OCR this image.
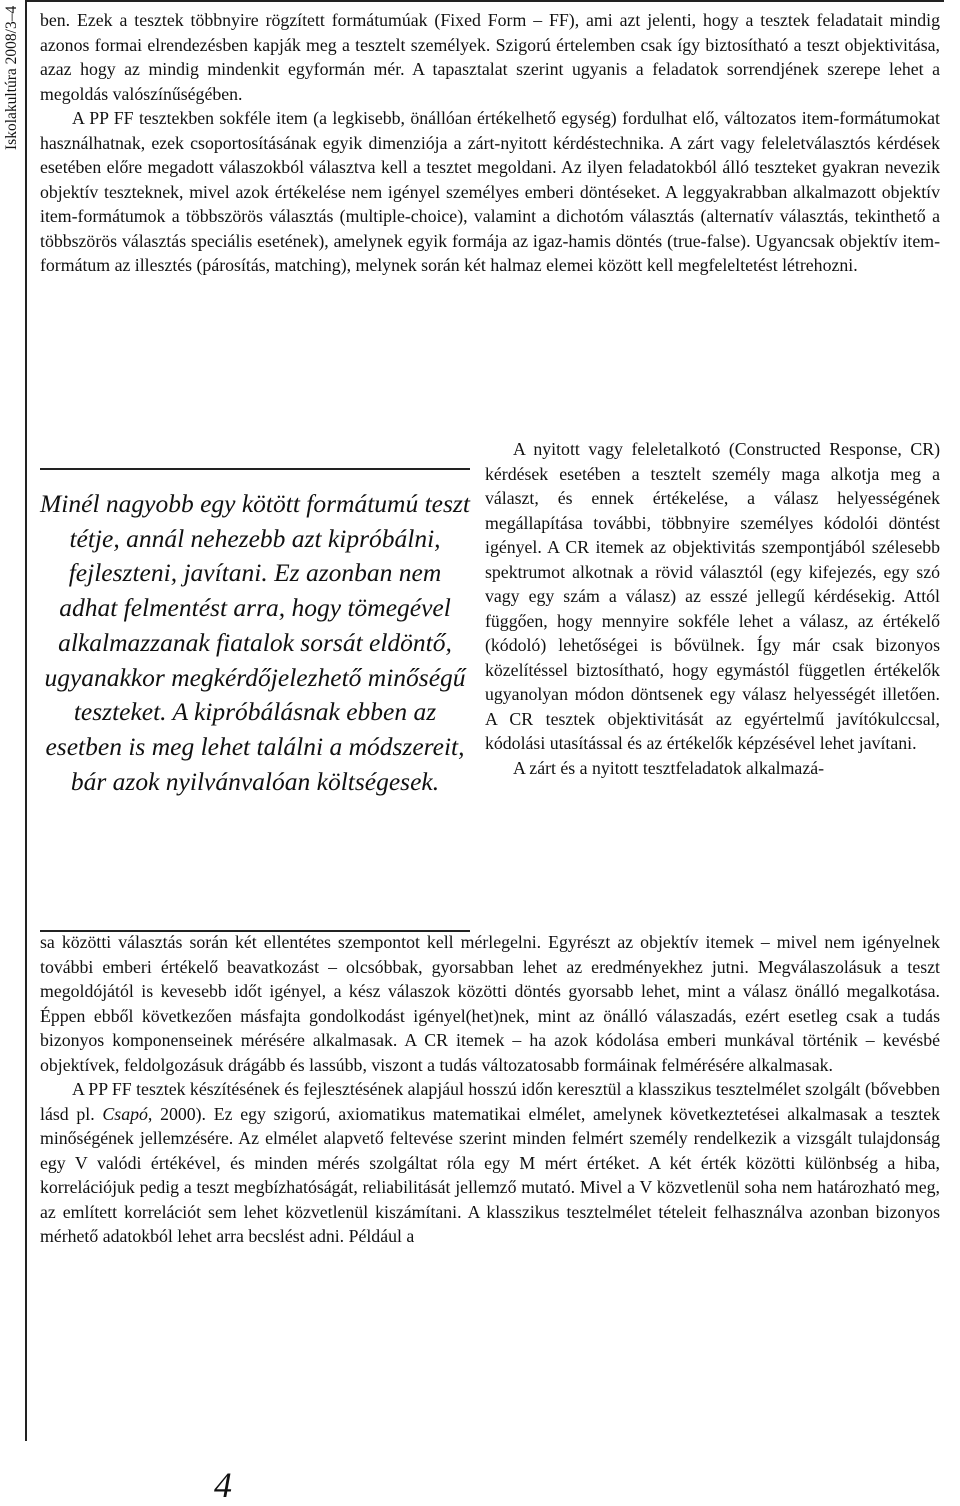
Iskolakultúra 2008/3–4 ben. Ezek a tesztek többnyire rögzített formátumúak (Fixed Form – FF), ami azt jelenti, hogy a tesztek feladatait mindig azonos formai elrendezésben kapják meg a tesztelt személyek. Szigorú értelemben csak így biztosítható a teszt objektivitása, azaz hogy az mindig mindenkit egyformán mér. A tapasztalat szerint ugyanis a feladatok sorrendjének szerepe lehet a megoldás valószínűségében.

A PP FF tesztekben sokféle item (a legkisebb, önállóan értékelhető egység) fordulhat elő, változatos item-formátumokat használhatnak, ezek csoportosításának egyik dimenziója a zárt-nyitott kérdéstechnika. A zárt vagy feleletválasztós kérdések esetében előre megadott válaszokból választva kell a tesztet megoldani. Az ilyen feladatokból álló teszteket gyakran nevezik objektív teszteknek, mivel azok értékelése nem igényel személyes emberi döntéseket. A leggyakrabban alkalmazott objektív item-formátumok a többszörös választás (multiple-choice), valamint a dichotóm választás (alternatív választás, tekinthető a többszörös választás speciális esetének), amelynek egyik formája az igaz-hamis döntés (true-false). Ugyancsak objektív item-formátum az illesztés (párosítás, matching), melynek során két halmaz elemei között kell megfeleltetést létrehozni.

Minél nagyobb egy kötött formátumú teszt tétje, annál nehezebb azt kipróbálni, fejleszteni, javítani. Ez azonban nem adhat felmentést arra, hogy tömegével alkalmazzanak fiatalok sorsát eldöntő, ugyanakkor megkérdőjelezhető minőségű teszteket. A kipróbálásnak ebben az esetben is meg lehet találni a módszereit, bár azok nyilvánvalóan költségesek.

A nyitott vagy feleletalkotó (Constructed Response, CR) kérdések esetében a tesztelt személy maga alkotja meg a választ, és ennek értékelése, a válasz helyességének megállapítása további, többnyire személyes kódolói döntést igényel. A CR itemek az objektivitás szempontjából szélesebb spektrumot alkotnak a rövid választól (egy kifejezés, egy szó vagy egy szám a válasz) az esszé jellegű kérdésekig. Attól függően, hogy mennyire sokféle lehet a válasz, az értékelő (kódoló) lehetőségei is bővülnek. Így már csak bizonyos közelítéssel biztosítható, hogy egymástól független értékelők ugyanolyan módon döntsenek egy válasz helyességét illetően. A CR tesztek objektivitását az egyértelmű javítókulccsal, kódolási utasítással és az értékelők képzésével lehet javítani.

A zárt és a nyitott tesztfeladatok alkalmazá-

sa közötti választás során két ellentétes szempontot kell mérlegelni. Egyrészt az objektív itemek – mivel nem igényelnek további emberi értékelő beavatkozást – olcsóbbak, gyorsabban lehet az eredményekhez jutni. Megválaszolásuk a teszt megoldójától is kevesebb időt igényel, a kész válaszok közötti döntés gyorsabb lehet, mint a válasz önálló megalkotása. Éppen ebből következően másfajta gondolkodást igényel(het)nek, mint az önálló válaszadás, ezért esetleg csak a tudás bizonyos komponenseinek mérésére alkalmasak. A CR itemek – ha azok kódolása emberi munkával történik – kevésbé objektívek, feldolgozásuk drágább és lassúbb, viszont a tudás változatosabb formáinak felmérésére alkalmasak.

A PP FF tesztek készítésének és fejlesztésének alapjául hosszú időn keresztül a klasszikus tesztelmélet szolgált (bővebben lásd pl. Csapó, 2000). Ez egy szigorú, axiomatikus matematikai elmélet, amelynek következtetései alkalmasak a tesztek minőségének jellemzésére. Az elmélet alapvető feltevése szerint minden felmért személy rendelkezik a vizsgált tulajdonság egy V valódi értékével, és minden mérés szolgáltat róla egy M mért értéket. A két érték közötti különbség a hiba, korrelációjuk pedig a teszt megbízhatóságát, reliabilitását jellemző mutató. Mivel a V közvetlenül soha nem határozható meg, az említett korrelációt sem lehet közvetlenül kiszámítani. A klasszikus tesztelmélet tételeit felhasználva azonban bizonyos mérhető adatokból lehet arra becslést adni. Például a

4
